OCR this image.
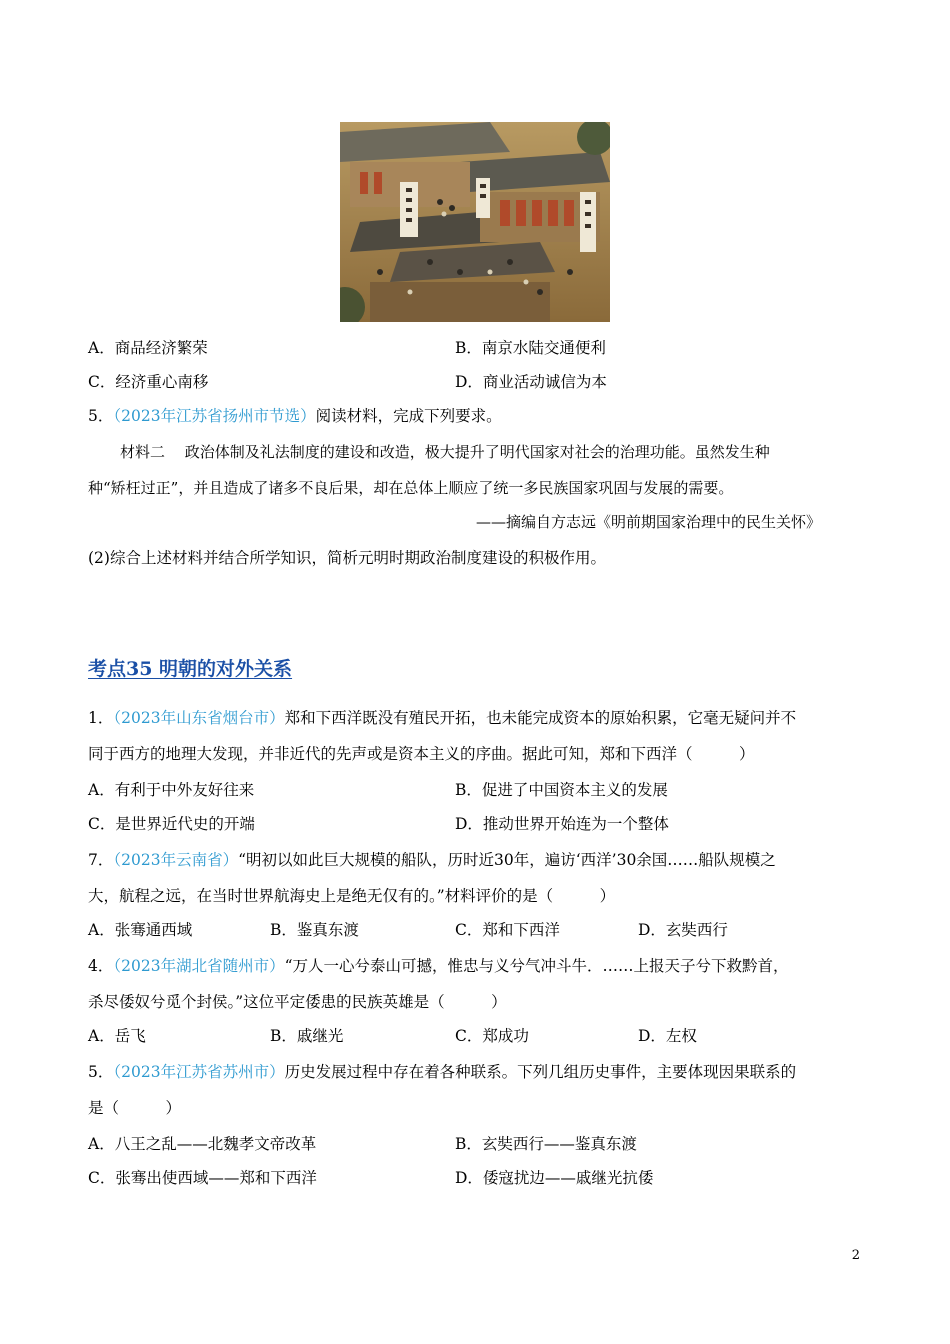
A．商品经济繁荣	B．南京水陆交通便利
C．经济重心南移	D．商业活动诚信为本
5．（2023年江苏省扬州市节选）阅读材料，完成下列要求。
材料二　 政治体制及礼法制度的建设和改造，极大提升了明代国家对社会的治理功能。虽然发生种
种“矫枉过正”，并且造成了诸多不良后果，却在总体上顺应了统一多民族国家巩固与发展的需要。
——摘编自方志远《明前期国家治理中的民生关怀》
(2)综合上述材料并结合所学知识，简析元明时期政治制度建设的积极作用。
考点35 明朝的对外关系
1．（2023年山东省烟台市）郑和下西洋既没有殖民开拓，也未能完成资本的原始积累，它毫无疑问并不
同于西方的地理大发现，并非近代的先声或是资本主义的序曲。据此可知，郑和下西洋（　　　）
A．有利于中外友好往来	B．促进了中国资本主义的发展
C．是世界近代史的开端	D．推动世界开始连为一个整体
7．（2023年云南省）“明初以如此巨大规模的船队，历时近30年，遍访‘西洋’30余国……船队规模之
大，航程之远，在当时世界航海史上是绝无仅有的。”材料评价的是（　　　）
A．张骞通西域	B．鉴真东渡	C．郑和下西洋	D．玄奘西行
4．（2023年湖北省随州市）“万人一心兮泰山可撼，惟忠与义兮气冲斗牛．……上报天子兮下救黔首，
杀尽倭奴兮觅个封侯。”这位平定倭患的民族英雄是（　　　）
A．岳飞	B．戚继光	C．郑成功	D．左权
5．（2023年江苏省苏州市）历史发展过程中存在着各种联系。下列几组历史事件，主要体现因果联系的
是（　　　）
A．八王之乱——北魏孝文帝改革	B．玄奘西行——鉴真东渡
C．张骞出使西域——郑和下西洋	D．倭寇扰边——戚继光抗倭
2
